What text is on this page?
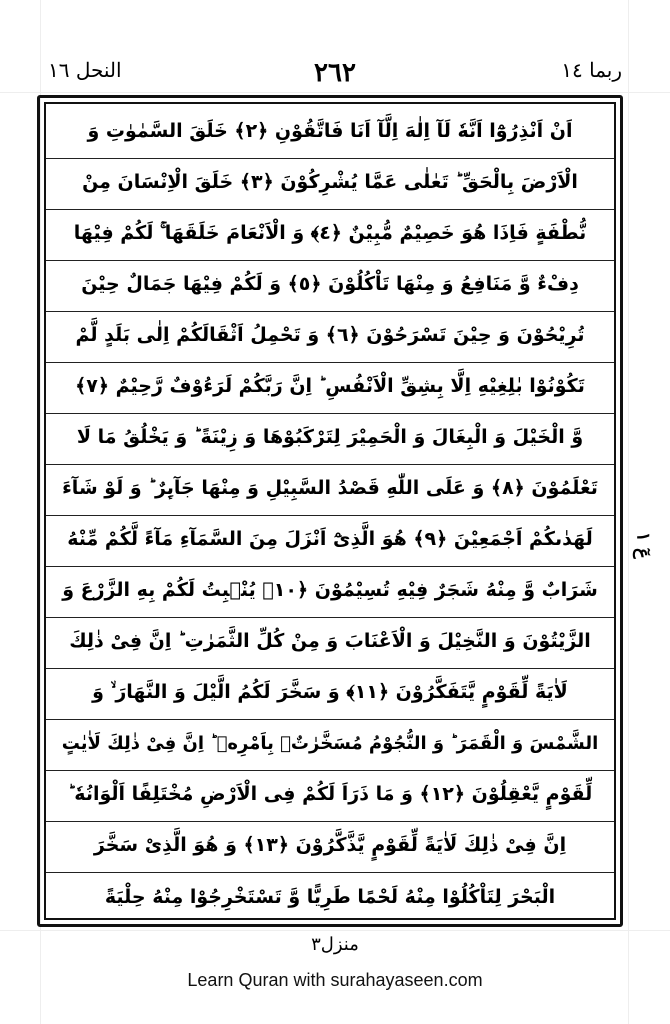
النحل ١٦	٢٦٢	ربما ١٤
اَنْ اَنْذِرُوْٓا اَنَّهٗ لَآ اِلٰهَ اِلَّآ اَنَا فَاتَّقُوْنِ ﴿٢﴾ خَلَقَ السَّمٰوٰتِ وَ
الْاَرْضَ بِالْحَقِّ ؕ تَعٰلٰى عَمَّا یُشْرِكُوْنَ ﴿٣﴾ خَلَقَ الْاِنْسَانَ مِنْ
نُّطْفَةٍ فَاِذَا هُوَ خَصِیْمٌ مُّبِیْنٌ ﴿٤﴾ وَ الْاَنْعَامَ خَلَقَهَا ۚ لَكُمْ فِیْهَا
دِفْءٌ وَّ مَنَافِعُ وَ مِنْهَا تَاْكُلُوْنَ ﴿٥﴾ وَ لَكُمْ فِیْهَا جَمَالٌ حِیْنَ
تُرِیْحُوْنَ وَ حِیْنَ تَسْرَحُوْنَ ﴿٦﴾ وَ تَحْمِلُ اَثْقَالَكُمْ اِلٰى بَلَدٍ لَّمْ
تَكُوْنُوْا بٰلِغِیْهِ اِلَّا بِشِقِّ الْاَنْفُسِ ؕ اِنَّ رَبَّكُمْ لَرَءُوْفٌ رَّحِیْمٌ ﴿٧﴾
وَّ الْخَیْلَ وَ الْبِغَالَ وَ الْحَمِیْرَ لِتَرْكَبُوْهَا وَ زِیْنَةً ؕ وَ یَخْلُقُ مَا لَا
تَعْلَمُوْنَ ﴿٨﴾ وَ عَلَى اللّٰهِ قَصْدُ السَّبِیْلِ وَ مِنْهَا جَآىِٕرٌ ؕ وَ لَوْ شَآءَ
لَهَدٰىكُمْ اَجْمَعِیْنَ ﴿٩﴾ هُوَ الَّذِیْٓ اَنْزَلَ مِنَ السَّمَآءِ مَآءً لَّكُمْ مِّنْهُ
شَرَابٌ وَّ مِنْهُ شَجَرٌ فِیْهِ تُسِیْمُوْنَ ﴿١٠﴾ یُنْۢبِتُ لَكُمْ بِهِ الزَّرْعَ وَ
الزَّیْتُوْنَ وَ النَّخِیْلَ وَ الْاَعْنَابَ وَ مِنْ كُلِّ الثَّمَرٰتِ ؕ اِنَّ فِیْ ذٰلِكَ
لَاٰیَةً لِّقَوْمٍ یَّتَفَكَّرُوْنَ ﴿١١﴾ وَ سَخَّرَ لَكُمُ الَّیْلَ وَ النَّهَارَ ۙ وَ
الشَّمْسَ وَ الْقَمَرَ ؕ وَ النُّجُوْمُ مُسَخَّرٰتٌۢ بِاَمْرِهٖ ؕ اِنَّ فِیْ ذٰلِكَ لَاٰیٰتٍ
لِّقَوْمٍ یَّعْقِلُوْنَ ﴿١٢﴾ وَ مَا ذَرَاَ لَكُمْ فِی الْاَرْضِ مُخْتَلِفًا اَلْوَانُهٗ ؕ
اِنَّ فِیْ ذٰلِكَ لَاٰیَةً لِّقَوْمٍ یَّذَّكَّرُوْنَ ﴿١٣﴾ وَ هُوَ الَّذِیْ سَخَّرَ
الْبَحْرَ لِتَاْكُلُوْا مِنْهُ لَحْمًا طَرِیًّا وَّ تَسْتَخْرِجُوْا مِنْهُ حِلْیَةً
عٓ ١
منزل۳
Learn Quran with surahayaseen.com
